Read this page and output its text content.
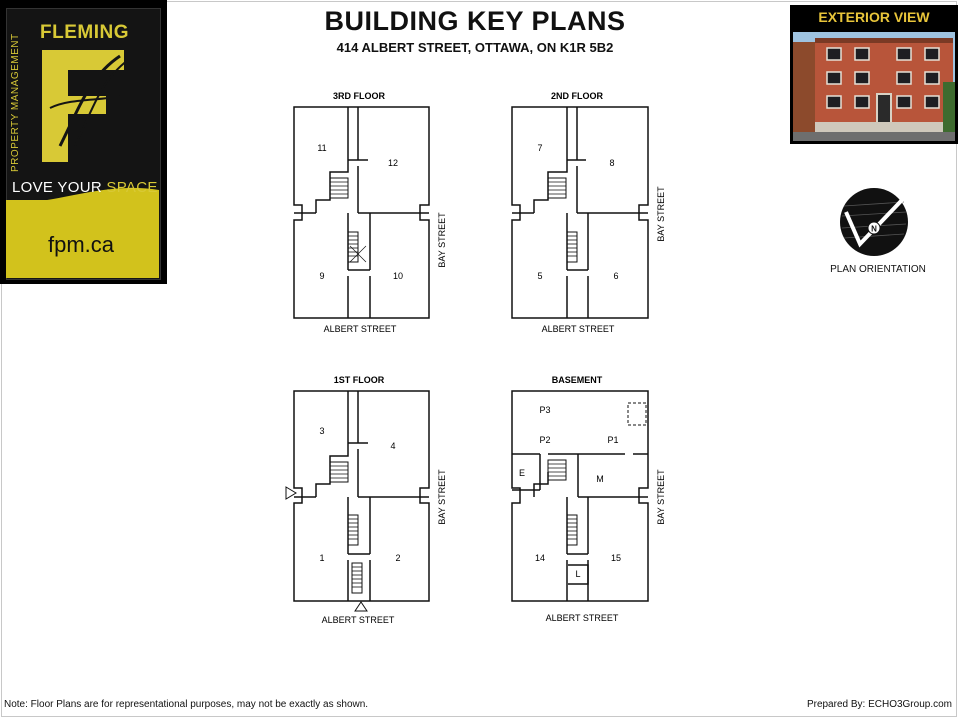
FLEMING
PROPERTY MANAGEMENT
LOVE YOUR SPACE
fpm.ca
BUILDING KEY PLANS
414 ALBERT STREET, OTTAWA, ON K1R 5B2
EXTERIOR VIEW
N
PLAN ORIENTATION
3RD FLOOR
11
12
9	10
ALBERT STREET
BAY STREET
2ND FLOOR
7
8
5	6
ALBERT STREET
BAY STREET
1ST FLOOR
3
4
1	2
ALBERT STREET
BAY STREET
BASEMENT
P3
P2	P1
E
M
14	15
L
ALBERT STREET
BAY STREET
Note: Floor Plans are for representational purposes, may not be exactly as shown.	Prepared By: ECHO3Group.com
